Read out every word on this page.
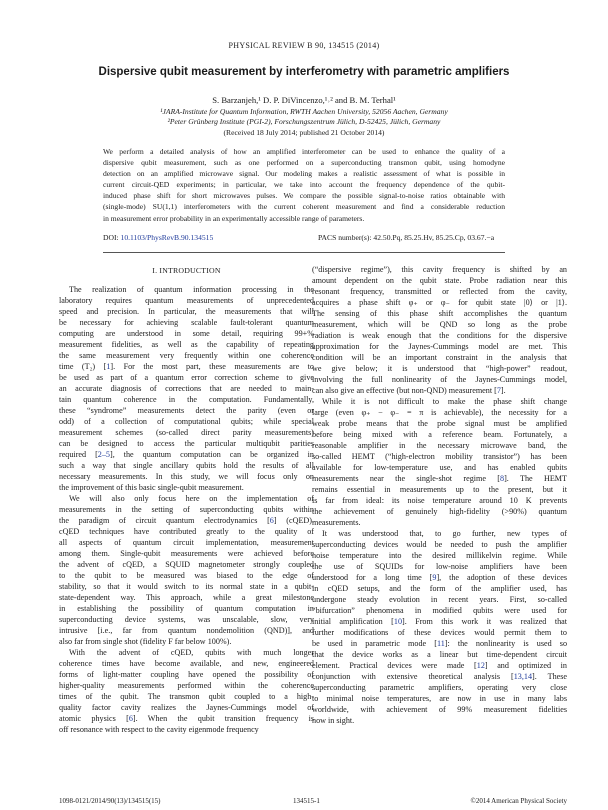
PHYSICAL REVIEW B 90, 134515 (2014)
Dispersive qubit measurement by interferometry with parametric amplifiers
S. Barzanjeh,¹ D. P. DiVincenzo,¹˒² and B. M. Terhal¹
¹JARA-Institute for Quantum Information, RWTH Aachen University, 52056 Aachen, Germany
²Peter Grünberg Institute (PGI-2), Forschungszentrum Jülich, D-52425, Jülich, Germany
(Received 18 July 2014; published 21 October 2014)
We perform a detailed analysis of how an amplified interferometer can be used to enhance the quality of a
dispersive qubit measurement, such as one performed on a superconducting transmon qubit, using homodyne
detection on an amplified microwave signal. Our modeling makes a realistic assessment of what is possible in
current circuit-QED experiments; in particular, we take into account the frequency dependence of the qubit-
induced phase shift for short microwaves pulses. We compare the possible signal-to-noise ratios obtainable with
(single-mode) SU(1,1) interferometers with the current coherent measurement and find a considerable reduction
in measurement error probability in an experimentally accessible range of parameters.
DOI: 10.1103/PhysRevB.90.134515	PACS number(s): 42.50.Pq, 85.25.Hv, 85.25.Cp, 03.67.−a
I. INTRODUCTION
The realization of quantum information processing in the
laboratory requires quantum measurements of unprecedented
speed and precision. In particular, the measurements that will
be necessary for achieving scalable fault-tolerant quantum
computing are understood in some detail, requiring 99+%
measurement fidelities, as well as the capability of repeating
the same measurement very frequently within one coherence
time (T₂) [1]. For the most part, these measurements are to
be used as part of a quantum error correction scheme to give
an accurate diagnosis of corrections that are needed to main-
tain quantum coherence in the computation. Fundamentally,
these “syndrome” measurements detect the parity (even or
odd) of a collection of computational qubits; while special
measurement schemes (so-called direct parity measurements)
can be designed to access the particular multiqubit parities
required [2–5], the quantum computation can be organized in
such a way that single ancillary qubits hold the results of all
necessary measurements. In this study, we will focus only on
the improvement of this basic single-qubit measurement.
We will also only focus here on the implementation of
measurements in the setting of superconducting qubits within
the paradigm of circuit quantum electrodynamics [6] (cQED).
cQED techniques have contributed greatly to the quality of
all aspects of quantum circuit implementation, measurement
among them. Single-qubit measurements were achieved before
the advent of cQED, a SQUID magnetometer strongly coupled
to the qubit to be measured was biased to the edge of
stability, so that it would switch to its normal state in a qubit-
state-dependent way. This approach, while a great milestone
in establishing the possibility of quantum computation in
superconducting device systems, was unscalable, slow, very
intrusive [i.e., far from quantum nondemolition (QND)], and
also far from single shot (fidelity F far below 100%).
With the advent of cQED, qubits with much longer
coherence times have become available, and new, engineered
forms of light-matter coupling have opened the possibility of
higher-quality measurements performed within the coherence
times of the qubit. The transmon qubit coupled to a high-
quality factor cavity realizes the Jaynes-Cummings model of
atomic physics [6]. When the qubit transition frequency is
off resonance with respect to the cavity eigenmode frequency
(“dispersive regime”), this cavity frequency is shifted by an
amount dependent on the qubit state. Probe radiation near this
resonant frequency, transmitted or reflected from the cavity,
acquires a phase shift φ₊ or φ₋ for qubit state |0⟩ or |1⟩.
The sensing of this phase shift accomplishes the quantum
measurement, which will be QND so long as the probe
radiation is weak enough that the conditions for the dispersive
approximation for the Jaynes-Cummings model are met. This
condition will be an important constraint in the analysis that
we give below; it is understood that “high-power” readout,
involving the full nonlinearity of the Jaynes-Cummings model,
can also give an effective (but non-QND) measurement [7].
While it is not difficult to make the phase shift change
large (even φ₊ − φ₋ = π is achievable), the necessity for a
weak probe means that the probe signal must be amplified
before being mixed with a reference beam. Fortunately, a
reasonable amplifier in the necessary microwave band, the
so-called HEMT (“high-electron mobility transistor”) has been
available for low-temperature use, and has enabled qubits
measurements near the single-shot regime [8]. The HEMT
remains essential in measurements up to the present, but it
is far from ideal: its noise temperature around 10 K prevents
the achievement of genuinely high-fidelity (>90%) quantum
measurements.
It was understood that, to go further, new types of
superconducting devices would be needed to push the amplifier
noise temperature into the desired millikelvin regime. While
the use of SQUIDs for low-noise amplifiers have been
understood for a long time [9], the adoption of these devices
in cQED setups, and the form of the amplifier used, has
undergone steady evolution in recent years. First, so-called
“bifurcation” phenomena in modified qubits were used for
initial amplification [10]. From this work it was realized that
further modifications of these devices would permit them to
be used in parametric mode [11]: the nonlinearity is used so
that the device works as a linear but time-dependent circuit
element. Practical devices were made [12] and optimized in
conjunction with extensive theoretical analysis [13,14]. These
superconducting parametric amplifiers, operating very close
to minimal noise temperatures, are now in use in many labs
worldwide, with achievement of 99% measurement fidelities
now in sight.
1098-0121/2014/90(13)/134515(15)	134515-1	©2014 American Physical Society
